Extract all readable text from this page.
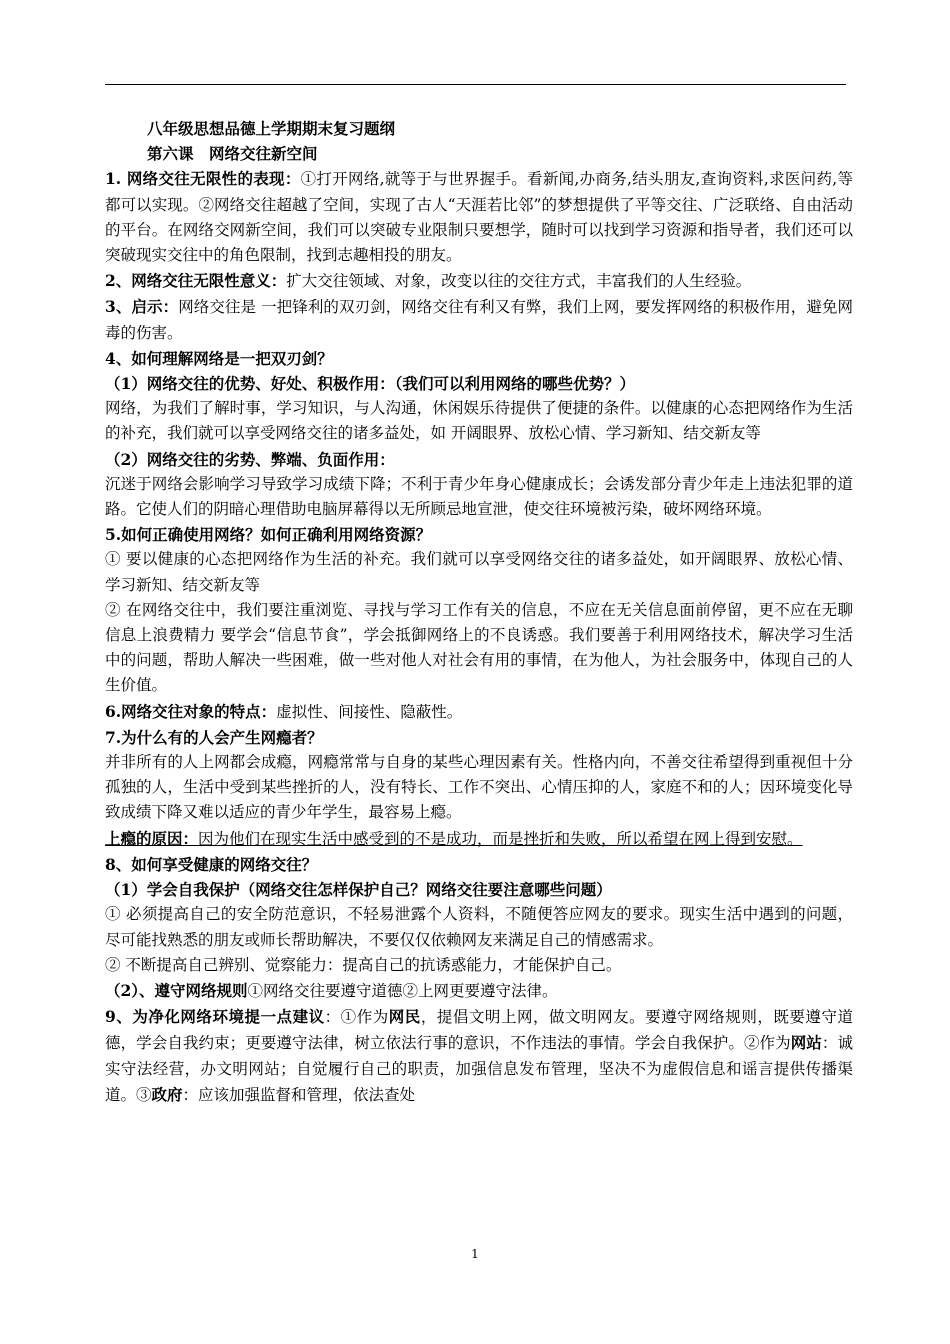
八年级思想品德上学期期末复习题纲

第六课　网络交往新空间

1. 网络交往无限性的表现：①打开网络,就等于与世界握手。看新闻,办商务,结头朋友,查询资料,求医问药,等都可以实现。②网络交往超越了空间，实现了古人“天涯若比邻”的梦想提供了平等交往、广泛联络、自由活动的平台。在网络交网新空间，我们可以突破专业限制只要想学，随时可以找到学习资源和指导者，我们还可以突破现实交往中的角色限制，找到志趣相投的朋友。

2、网络交往无限性意义：扩大交往领域、对象，改变以往的交往方式，丰富我们的人生经验。

3、启示：网络交往是 一把锋利的双刃剑，网络交往有利又有弊，我们上网，要发挥网络的积极作用，避免网毒的伤害。

4、如何理解网络是一把双刃剑？

（1）网络交往的优势、好处、积极作用：（我们可以利用网络的哪些优势？）

网络，为我们了解时事，学习知识，与人沟通，休闲娱乐待提供了便捷的条件。以健康的心态把网络作为生活的补充，我们就可以享受网络交往的诸多益处，如 开阔眼界、放松心情、学习新知、结交新友等

（2）网络交往的劣势、弊端、负面作用：

沉迷于网络会影响学习导致学习成绩下降；不利于青少年身心健康成长；会诱发部分青少年走上违法犯罪的道路。它使人们的阴暗心理借助电脑屏幕得以无所顾忌地宣泄，使交往环境被污染，破坏网络环境。

5.如何正确使用网络？如何正确利用网络资源？

① 要以健康的心态把网络作为生活的补充。我们就可以享受网络交往的诸多益处，如开阔眼界、放松心情、学习新知、结交新友等

② 在网络交往中，我们要注重浏览、寻找与学习工作有关的信息，不应在无关信息面前停留，更不应在无聊信息上浪费精力 要学会“信息节食”，学会抵御网络上的不良诱惑。我们要善于利用网络技术，解决学习生活中的问题，帮助人解决一些困难，做一些对他人对社会有用的事情，在为他人，为社会服务中，体现自己的人生价值。

6.网络交往对象的特点：虚拟性、间接性、隐蔽性。

7.为什么有的人会产生网瘾者？

并非所有的人上网都会成瘾，网瘾常常与自身的某些心理因素有关。性格内向，不善交往希望得到重视但十分孤独的人，生活中受到某些挫折的人，没有特长、工作不突出、心情压抑的人，家庭不和的人；因环境变化导致成绩下降又难以适应的青少年学生，最容易上瘾。

上瘾的原因：因为他们在现实生活中感受到的不是成功，而是挫折和失败，所以希望在网上得到安慰。

8、如何享受健康的网络交往？

（1）学会自我保护（网络交往怎样保护自己？网络交往要注意哪些问题）

① 必须提高自己的安全防范意识，不轻易泄露个人资料，不随便答应网友的要求。现实生活中遇到的问题，尽可能找熟悉的朋友或师长帮助解决，不要仅仅依赖网友来满足自己的情感需求。

② 不断提高自己辨别、觉察能力：提高自己的抗诱惑能力，才能保护自己。

（2）、遵守网络规则①网络交往要遵守道德②上网更要遵守法律。

9、为净化网络环境提一点建议：①作为网民，提倡文明上网，做文明网友。要遵守网络规则，既要遵守道德，学会自我约束；更要遵守法律，树立依法行事的意识，不作违法的事情。学会自我保护。②作为网站：诚实守法经营，办文明网站；自觉履行自己的职责，加强信息发布管理，坚决不为虚假信息和谣言提供传播渠道。③政府：应该加强监督和管理，依法查处

1
